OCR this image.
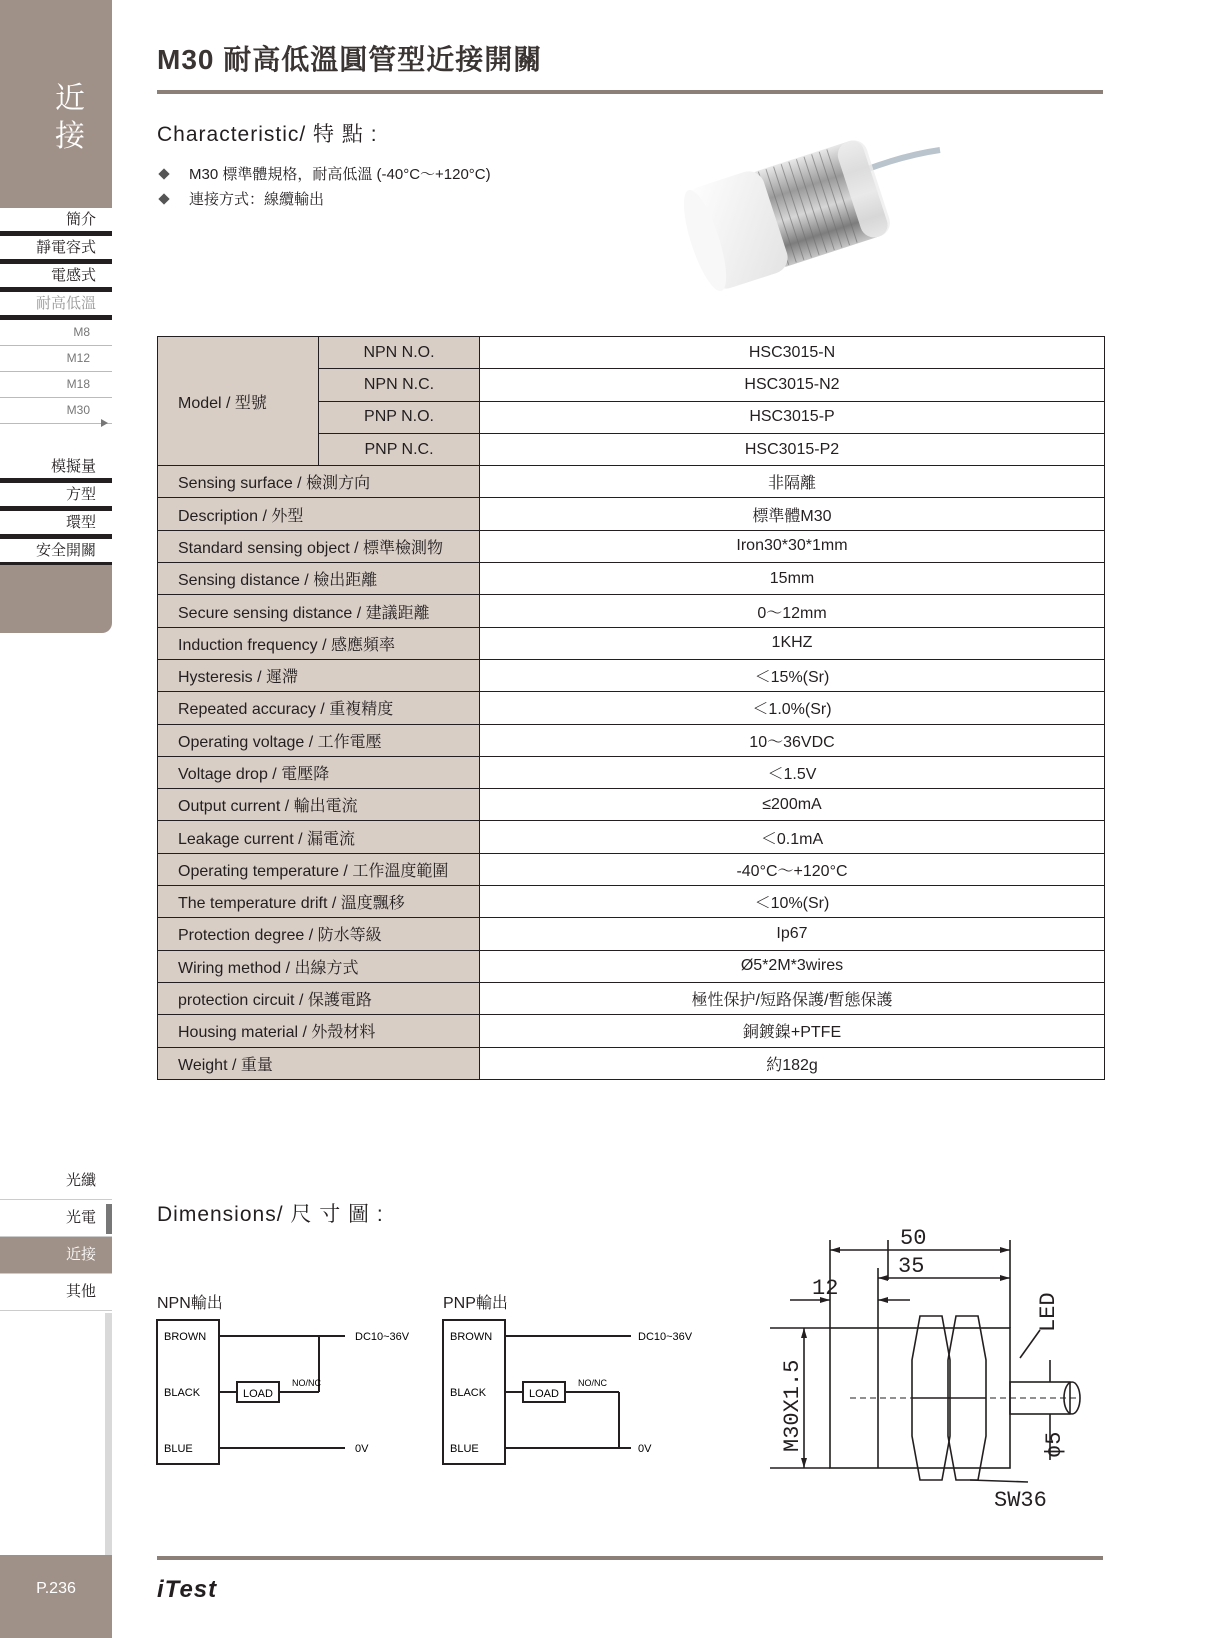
近接
簡介
靜電容式
電感式
耐高低溫
M8
M12
M18
M30
模擬量
方型
環型
安全開關
光纖
光電
近接
其他
P.236
M30 耐高低溫圓管型近接開關
Characteristic/ 特 點 :
M30 標準體規格，耐高低溫 (-40°C～+120°C)
連接方式：線纜輸出
Model / 型號	NPN N.O.	HSC3015-N
	NPN N.C.	HSC3015-N2
	PNP N.O.	HSC3015-P
	PNP N.C.	HSC3015-P2
Sensing surface / 檢測方向		非隔離
Description / 外型		標準體M30
Standard sensing object / 標準檢測物		Iron30*30*1mm
Sensing distance / 檢出距離		15mm
Secure sensing distance / 建議距離		0～12mm
Induction frequency / 感應頻率		1KHZ
Hysteresis / 遲滯		＜15%(Sr)
Repeated accuracy / 重複精度		＜1.0%(Sr)
Operating voltage / 工作電壓		10～36VDC
Voltage drop / 電壓降		＜1.5V
Output current / 輸出電流		≤200mA
Leakage current / 漏電流		＜0.1mA
Operating temperature / 工作溫度範圍		-40°C～+120°C
The temperature drift / 溫度飄移		＜10%(Sr)
Protection degree / 防水等級		Ip67
Wiring method / 出線方式		Ø5*2M*3wires
protection circuit / 保護電路		極性保护/短路保護/暫態保護
Housing material / 外殼材料		銅鍍鎳+PTFE
Weight / 重量		約182g
Dimensions/ 尺 寸 圖 :
NPN輸出	PNP輸出
BROWN
BLACK
BLUE
LOAD
NO/NC
DC10~36V
0V
BROWN
BLACK
BLUE
LOAD
NO/NC
DC10~36V
0V
50
35
12
M30X1.5
LED
ϕ5
SW36
iTest
